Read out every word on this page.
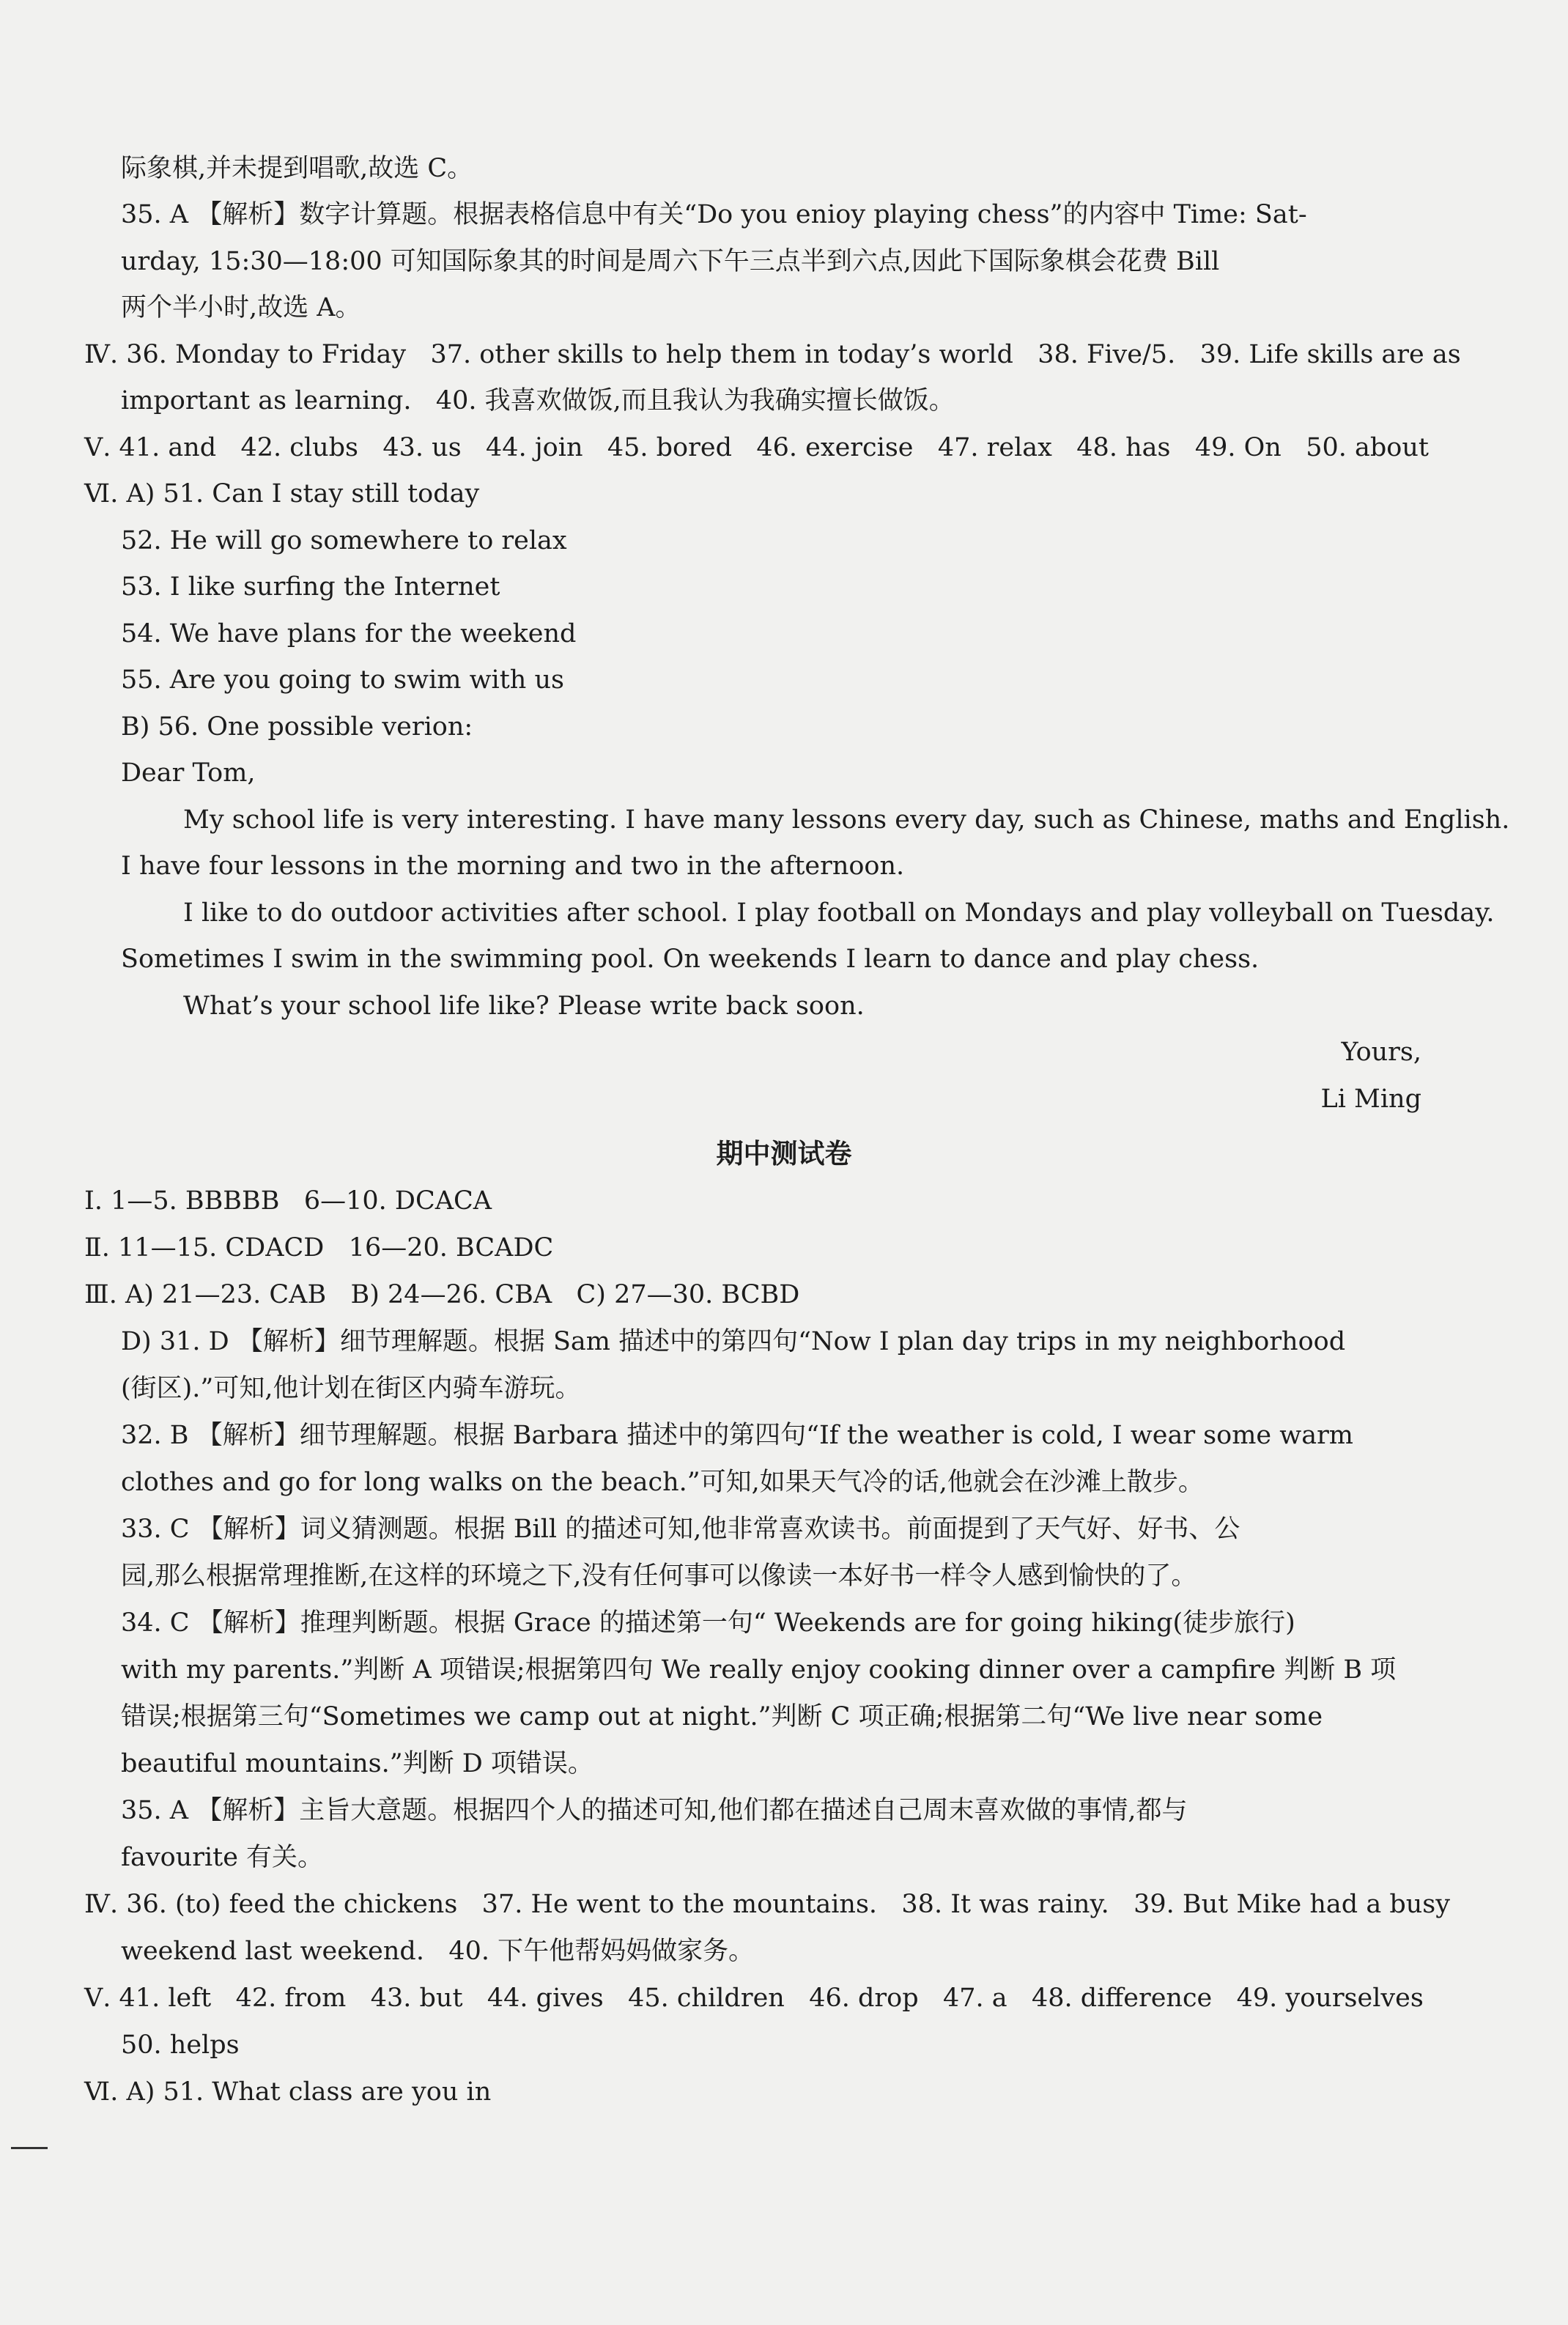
际象棋,并未提到唱歌,故选 C。
35. A 【解析】数字计算题。根据表格信息中有关“Do you enioy playing chess”的内容中 Time: Sat-
urday, 15:30—18:00 可知国际象其的时间是周六下午三点半到六点,因此下国际象棋会花费 Bill
两个半小时,故选 A。
Ⅳ. 36. Monday to Friday   37. other skills to help them in today’s world   38. Five/5.   39. Life skills are as
important as learning.   40. 我喜欢做饭,而且我认为我确实擅长做饭。
Ⅴ. 41. and   42. clubs   43. us   44. join   45. bored   46. exercise   47. relax   48. has   49. On   50. about
Ⅵ. A) 51. Can I stay still today
52. He will go somewhere to relax
53. I like surfing the Internet
54. We have plans for the weekend
55. Are you going to swim with us
B) 56. One possible verion:
Dear Tom,
My school life is very interesting. I have many lessons every day, such as Chinese, maths and English.
I have four lessons in the morning and two in the afternoon.
I like to do outdoor activities after school. I play football on Mondays and play volleyball on Tuesday.
Sometimes I swim in the swimming pool. On weekends I learn to dance and play chess.
What’s your school life like? Please write back soon.
Yours,
Li Ming
期中测试卷
Ⅰ. 1—5. BBBBB   6—10. DCACA
Ⅱ. 11—15. CDACD   16—20. BCADC
Ⅲ. A) 21—23. CAB   B) 24—26. CBA   C) 27—30. BCBD
D) 31. D 【解析】细节理解题。根据 Sam 描述中的第四句“Now I plan day trips in my neighborhood
(街区).”可知,他计划在街区内骑车游玩。
32. B 【解析】细节理解题。根据 Barbara 描述中的第四句“If the weather is cold, I wear some warm
clothes and go for long walks on the beach.”可知,如果天气冷的话,他就会在沙滩上散步。
33. C 【解析】词义猜测题。根据 Bill 的描述可知,他非常喜欢读书。前面提到了天气好、好书、公
园,那么根据常理推断,在这样的环境之下,没有任何事可以像读一本好书一样令人感到愉快的了。
34. C 【解析】推理判断题。根据 Grace 的描述第一句“ Weekends are for going hiking(徒步旅行)
with my parents.”判断 A 项错误;根据第四句 We really enjoy cooking dinner over a campfire 判断 B 项
错误;根据第三句“Sometimes we camp out at night.”判断 C 项正确;根据第二句“We live near some
beautiful mountains.”判断 D 项错误。
35. A 【解析】主旨大意题。根据四个人的描述可知,他们都在描述自己周末喜欢做的事情,都与
favourite 有关。
Ⅳ. 36. (to) feed the chickens   37. He went to the mountains.   38. It was rainy.   39. But Mike had a busy
weekend last weekend.   40. 下午他帮妈妈做家务。
Ⅴ. 41. left   42. from   43. but   44. gives   45. children   46. drop   47. a   48. difference   49. yourselves
50. helps
Ⅵ. A) 51. What class are you in
